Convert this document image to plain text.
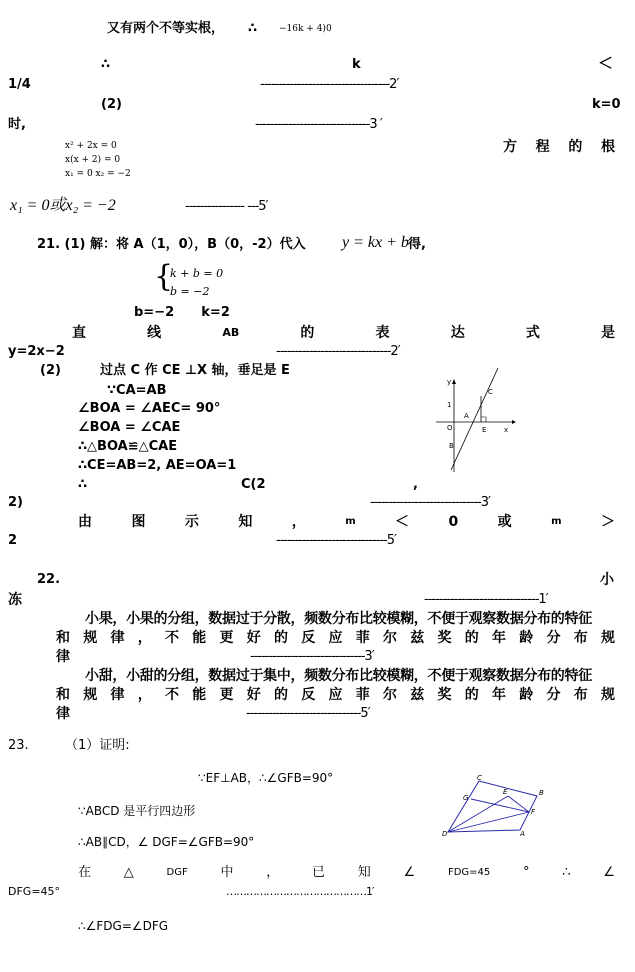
又有两个不等实根， ∴ −16k + 4)0
∴	k	＜
1/4	-----------------------------------2′
(2)	k=0
时,	-------------------------------3 ′
方 程 的 根
x² + 2x = 0
x(x + 2) = 0
x₁ = 0 x₂ = −2
x₁ = 0或x₂ = −2	---------------- ---5′
21. (1) 解：将 A（1，0），B（0，-2）代入 y = kx + b 得,
{
k + b = 0
b = −2
b=−2      k=2
直	线	AB	的	表	达	式	是
y=2x−2	-------------------------------2′
(2)	过点 C 作 CE ⊥X 轴，垂足是 E
∵CA=AB
∠BOA = ∠AEC= 90°
∠BOA = ∠CAE
∴△BOA≌△CAE
∴CE=AB=2, AE=OA=1
∴	C(2	,
2)	------------------------------3′
由	图	示	知	，	m	＜	0	或	m	＞
2	------------------------------5′
y
x
O
1
A
E
C
B
22.	小
冻	-------------------------------1′
小果，小果的分组，数据过于分散，频数分布比较模糊，不便于观察数据分布的特征
和 规 律 ， 不 能 更 好 的 反 应 菲 尔 兹 奖 的 年 龄 分 布 规
律	-------------------------------3′
小甜，小甜的分组，数据过于集中，频数分布比较模糊，不便于观察数据分布的特征
和 规 律 ， 不 能 更 好 的 反 应 菲 尔 兹 奖 的 年 龄 分 布 规
律	-------------------------------5′
23.	（1）证明:
∵EF⊥AB，∴∠GFB=90°
∵ABCD 是平行四边形
∴AB∥CD，∠ DGF=∠GFB=90°
在	△	DGF	中	，	已	知	∠	FDG=45	°	∴	∠
DFG=45°	……………………………………1′
∴∠FDG=∠DFG
C
G
E	B
F
D	A
